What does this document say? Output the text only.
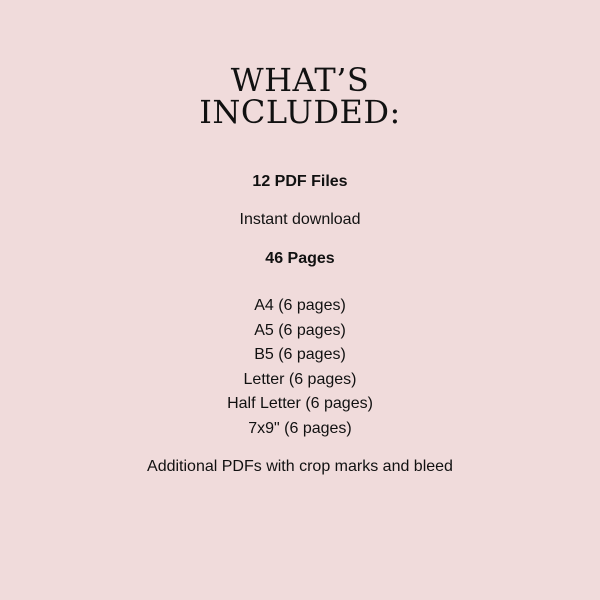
WHAT’S
INCLUDED:
12 PDF Files
Instant download
46 Pages
A4 (6 pages)
A5 (6 pages)
B5 (6 pages)
Letter (6 pages)
Half Letter (6 pages)
7x9" (6 pages)
Additional PDFs with crop marks and bleed
